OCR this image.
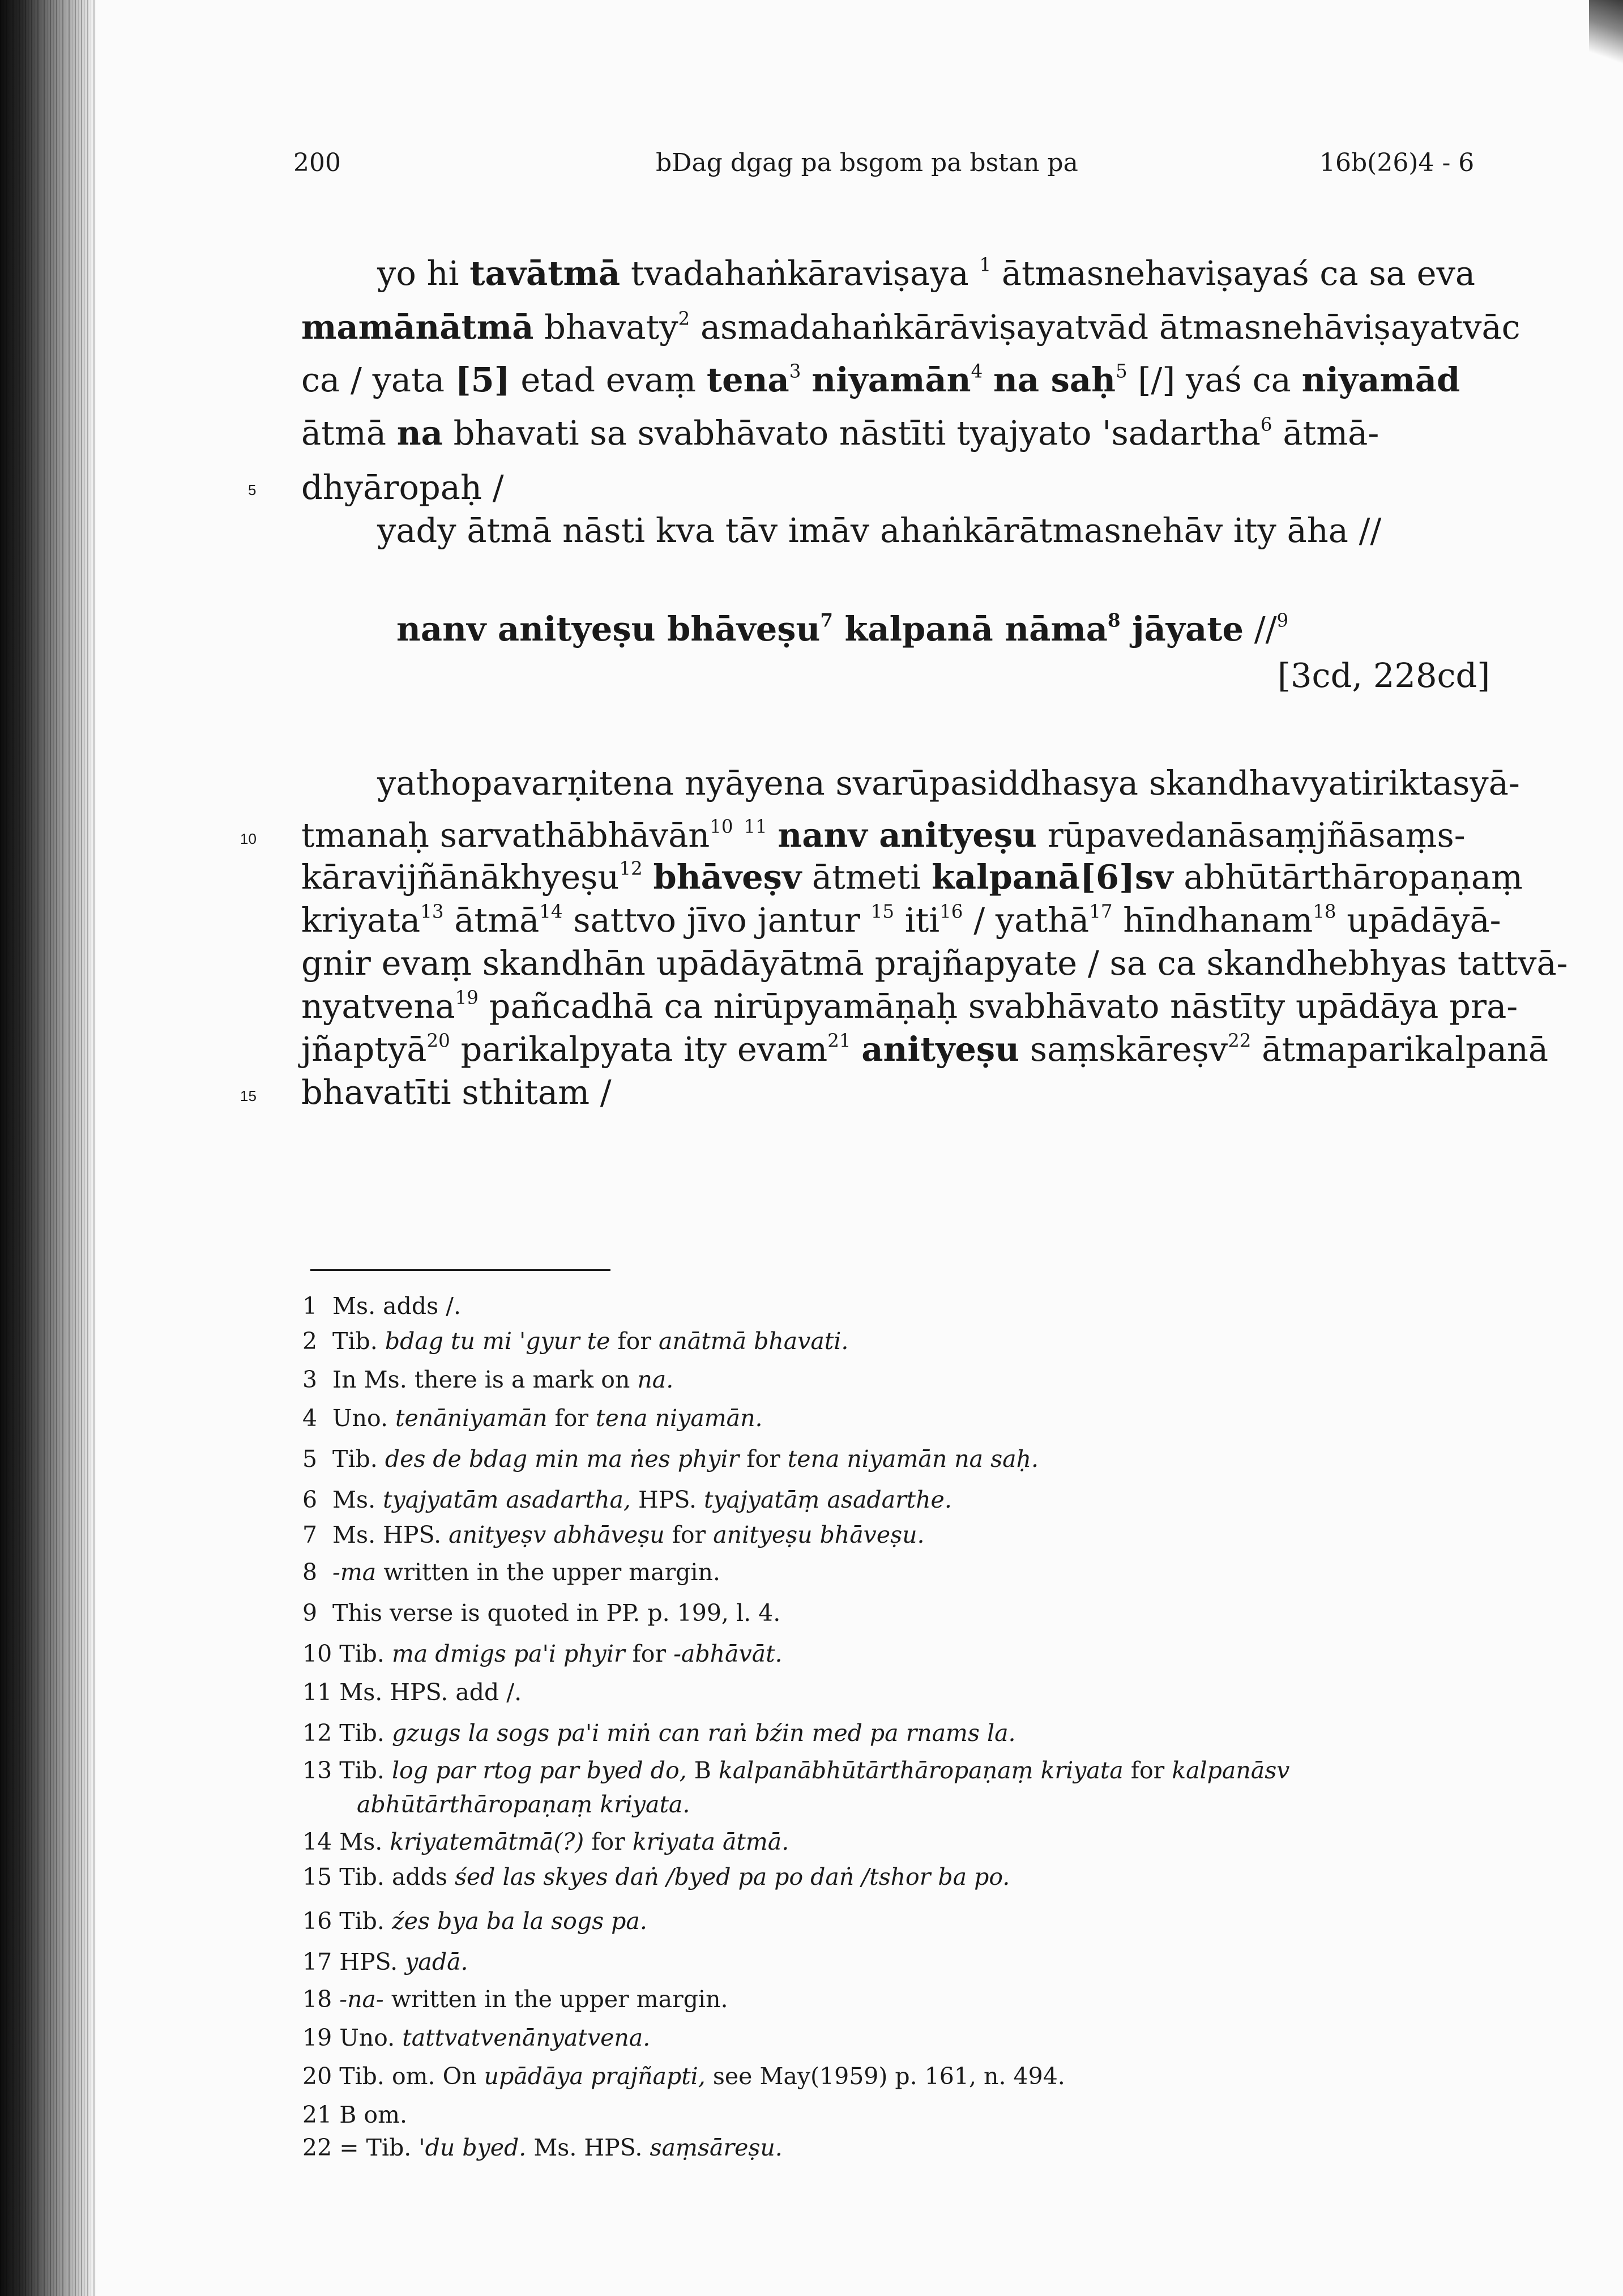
200	bDag dgag pa bsgom pa bstan pa	16b(26)4 - 6
5
10
15
yo hi tavātmā tvadahaṅkāraviṣaya $^1$ ātmasnehaviṣayaś ca sa eva
mamānātmā bhavaty$^2$ asmadahaṅkārāviṣayatvād ātmasnehāviṣayatvāc
ca / yata [5] etad evaṃ tena$^3$ niyamān$^4$ na saḥ$^5$ [/] yaś ca niyamād
ātmā na bhavati sa svabhāvato nāstīti tyajyato 'sadartha$^6$ ātmā-
dhyāropaḥ /
yady ātmā nāsti kva tāv imāv ahaṅkārātmasnehāv ity āha //
nanv anityeṣu bhāveṣu$^7$ kalpanā nāma$^8$ jāyate //$^9$
[3cd, 228cd]
yathopavarṇitena nyāyena svarūpasiddhasya skandhavyatiriktasyā-
tmanaḥ sarvathābhāvān$^{10}$ $^{11}$ nanv anityeṣu rūpavedanāsaṃjñāsaṃs-
kāravijñānākhyeṣu$^{12}$ bhāveṣv ātmeti kalpanā[6]sv abhūtārthāropaṇaṃ
kriyata$^{13}$ ātmā$^{14}$ sattvo jīvo jantur $^{15}$ iti$^{16}$ / yathā$^{17}$ hīndhanam$^{18}$ upādāyā-
gnir evaṃ skandhān upādāyātmā prajñapyate / sa ca skandhebhyas tattvā-
nyatvena$^{19}$ pañcadhā ca nirūpyamāṇaḥ svabhāvato nāstīty upādāya pra-
jñaptyā$^{20}$ parikalpyata ity evam$^{21}$ anityeṣu saṃskāreṣv$^{22}$ ātmaparikalpanā
bhavatīti sthitam /
1 Ms. adds /.
2 Tib. bdag tu mi 'gyur te for anātmā bhavati.
3 In Ms. there is a mark on na.
4 Uno. tenāniyamān for tena niyamān.
5 Tib. des de bdag min ma ṅes phyir for tena niyamān na saḥ.
6 Ms. tyajyatām asadartha, HPS. tyajyatāṃ asadarthe.
7 Ms. HPS. anityeṣv abhāveṣu for anityeṣu bhāveṣu.
8 -ma written in the upper margin.
9 This verse is quoted in PP. p. 199, l. 4.
10 Tib. ma dmigs pa'i phyir for -abhāvāt.
11 Ms. HPS. add /.
12 Tib. gzugs la sogs pa'i miṅ can raṅ bźin med pa rnams la.
13 Tib. log par rtog par byed do, B kalpanābhūtārthāropaṇaṃ kriyata for kalpanāsv
abhūtārthāropaṇaṃ kriyata.
14 Ms. kriyatemātmā(?) for kriyata ātmā.
15 Tib. adds śed las skyes daṅ /byed pa po daṅ /tshor ba po.
16 Tib. źes bya ba la sogs pa.
17 HPS. yadā.
18 -na- written in the upper margin.
19 Uno. tattvatvenānyatvena.
20 Tib. om. On upādāya prajñapti, see May(1959) p. 161, n. 494.
21 B om.
22 = Tib. 'du byed. Ms. HPS. saṃsāreṣu.
